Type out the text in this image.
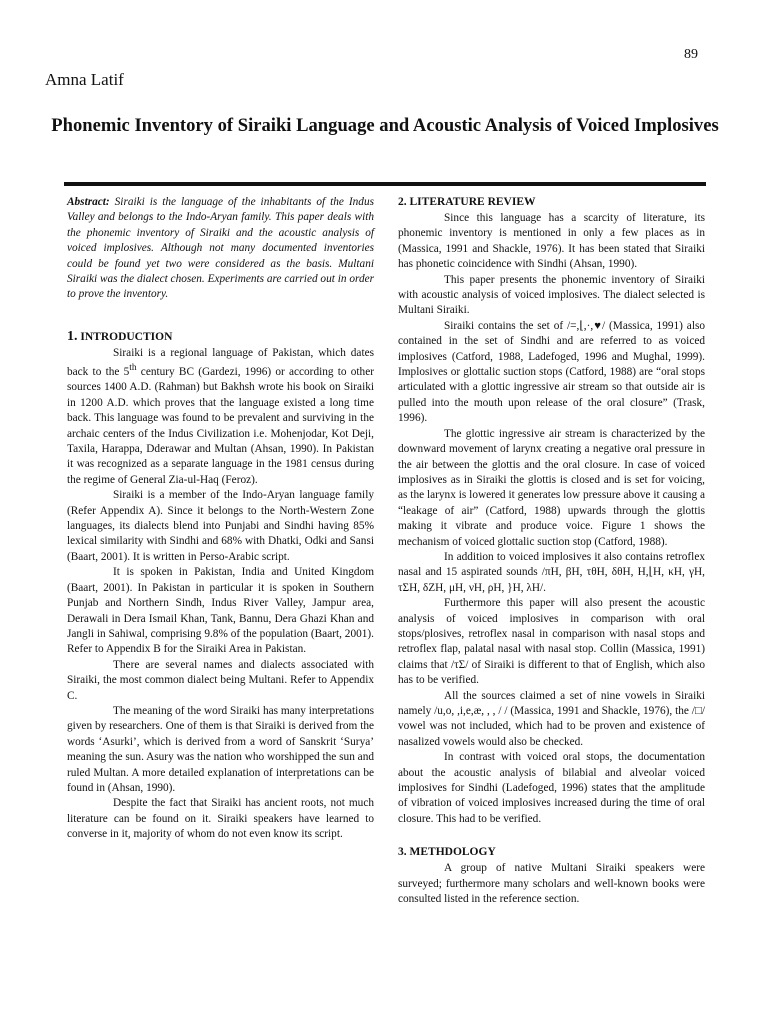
89
Amna Latif
Phonemic Inventory of Siraiki Language and Acoustic Analysis of Voiced Implosives

Abstract: Siraiki is the language of the inhabitants of the Indus Valley and belongs to the Indo-Aryan family. This paper deals with the phonemic inventory of Siraiki and the acoustic analysis of voiced implosives. Although not many documented inventories could be found yet two were considered as the basis. Multani Siraiki was the dialect chosen. Experiments are carried out in order to prove the inventory.

1. INTRODUCTION

Siraiki is a regional language of Pakistan, which dates back to the 5th century BC (Gardezi, 1996) or according to other sources 1400 A.D. (Rahman) but Bakhsh wrote his book on Siraiki in 1200 A.D. which proves that the language existed a long time back. This language was found to be prevalent and surviving in the archaic centers of the Indus Civilization i.e. Mohenjodar, Kot Deji, Taxila, Harappa, Dderawar and Multan (Ahsan, 1990). In Pakistan it was recognized as a separate language in the 1981 census during the regime of General Zia-ul-Haq (Feroz).

Siraiki is a member of the Indo-Aryan language family (Refer Appendix A). Since it belongs to the North-Western Zone languages, its dialects blend into Punjabi and Sindhi having 85% lexical similarity with Sindhi and 68% with Dhatki, Odki and Sansi (Baart, 2001). It is written in Perso-Arabic script.

It is spoken in Pakistan, India and United Kingdom (Baart, 2001). In Pakistan in particular it is spoken in Southern Punjab and Northern Sindh, Indus River Valley, Jampur area, Derawali in Dera Ismail Khan, Tank, Bannu, Dera Ghazi Khan and Jangli in Sahiwal, comprising 9.8% of the population (Baart, 2001). Refer to Appendix B for the Siraiki Area in Pakistan.

There are several names and dialects associated with Siraiki, the most common dialect being Multani. Refer to Appendix C.

The meaning of the word Siraiki has many interpretations given by researchers. One of them is that Siraiki is derived from the words ‘Asurki’, which is derived from a word of Sanskrit ‘Surya’ meaning the sun. Asury was the nation who worshipped the sun and ruled Multan. A more detailed explanation of interpretations can be found in (Ahsan, 1990).

Despite the fact that Siraiki has ancient roots, not much literature can be found on it. Siraiki speakers have learned to converse in it, majority of whom do not even know its script.

2. LITERATURE REVIEW

Since this language has a scarcity of literature, its phonemic inventory is mentioned in only a few places as in (Massica, 1991 and Shackle, 1976). It has been stated that Siraiki has phonetic coincidence with Sindhi (Ahsan, 1990).

This paper presents the phonemic inventory of Siraiki with acoustic analysis of voiced implosives. The dialect selected is Multani Siraiki.

Siraiki contains the set of /=,⌊,·,♥/ (Massica, 1991) also contained in the set of Sindhi and are referred to as voiced implosives (Catford, 1988, Ladefoged, 1996 and Mughal, 1999). Implosives or glottalic suction stops (Catford, 1988) are “oral stops articulated with a glottic ingressive air stream so that outside air is pulled into the mouth upon release of the oral closure” (Trask, 1996).

The glottic ingressive air stream is characterized by the downward movement of larynx creating a negative oral pressure in the air between the glottis and the oral closure. In case of voiced implosives as in Siraiki the glottis is closed and is set for voicing, as the larynx is lowered it generates low pressure above it causing a “leakage of air” (Catford, 1988) upwards through the glottis making it vibrate and produce voice. Figure 1 shows the mechanism of voiced glottalic suction stop (Catford, 1988).

In addition to voiced implosives it also contains retroflex nasal and 15 aspirated sounds /πH, βH, τθH, δθH, H,⌊H, κH, γH, τΣH, δZH, μH, νH, ρH, }H, λH/.

Furthermore this paper will also present the acoustic analysis of voiced implosives in comparison with oral stops/plosives, retroflex nasal in comparison with nasal stops and retroflex flap, palatal nasal with nasal stop. Collin (Massica, 1991) claims that /τΣ/ of Siraiki is different to that of English, which also has to be verified.

All the sources claimed a set of nine vowels in Siraiki namely /u,o, ,i,e,æ, , , / / (Massica, 1991 and Shackle, 1976), the /□/ vowel was not included, which had to be proven and existence of nasalized vowels would also be checked.

In contrast with voiced oral stops, the documentation about the acoustic analysis of bilabial and alveolar voiced implosives for Sindhi (Ladefoged, 1996) states that the amplitude of vibration of voiced implosives increased during the time of oral closure. This had to be verified.

3. METHDOLOGY

A group of native Multani Siraiki speakers were surveyed; furthermore many scholars and well-known books were consulted listed in the reference section.
